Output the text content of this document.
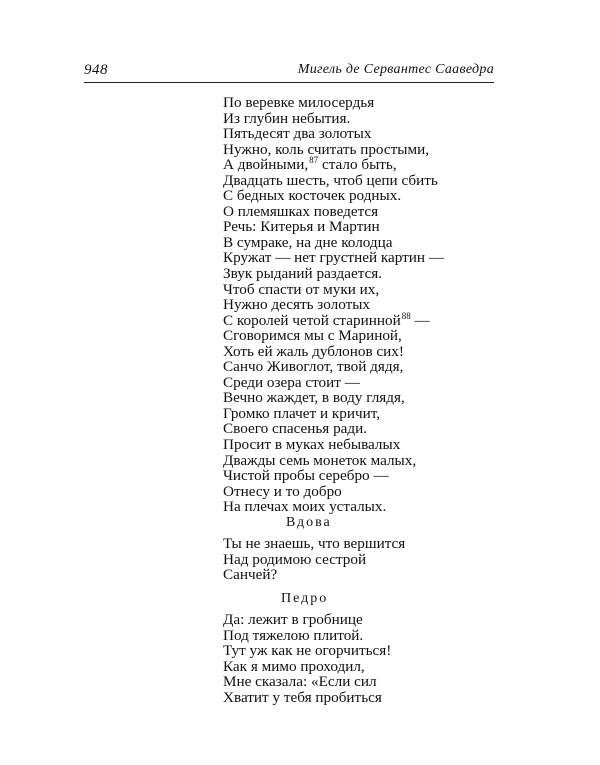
948	Мигель де Сервантес Сааведра
По веревке милосердья
Из глубин небытия.
Пятьдесят два золотых
Нужно, коль считать простыми,
А двойными,$^{87}$ стало быть,
Двадцать шесть, чтоб цепи сбить
С бедных косточек родных.
О племяшках поведется
Речь: Китерья и Мартин
В сумраке, на дне колодца
Кружат — нет грустней картин —
Звук рыданий раздается.
Чтоб спасти от муки их,
Нужно десять золотых
С королей четой старинной$^{88}$ —
Сговоримся мы с Мариной,
Хоть ей жаль дублонов сих!
Санчо Живоглот, твой дядя,
Среди озера стоит —
Вечно жаждет, в воду глядя,
Громко плачет и кричит,
Своего спасенья ради.
Просит в муках небывалых
Дважды семь монеток малых,
Чистой пробы серебро —
Отнесу и то добро
На плечах моих усталых.
Вдова
Ты не знаешь, что вершится
Над родимою сестрой
Санчей?
Педро
Да: лежит в гробнице
Под тяжелою плитой.
Тут уж как не огорчиться!
Как я мимо проходил,
Мне сказала: «Если сил
Хватит у тебя пробиться
